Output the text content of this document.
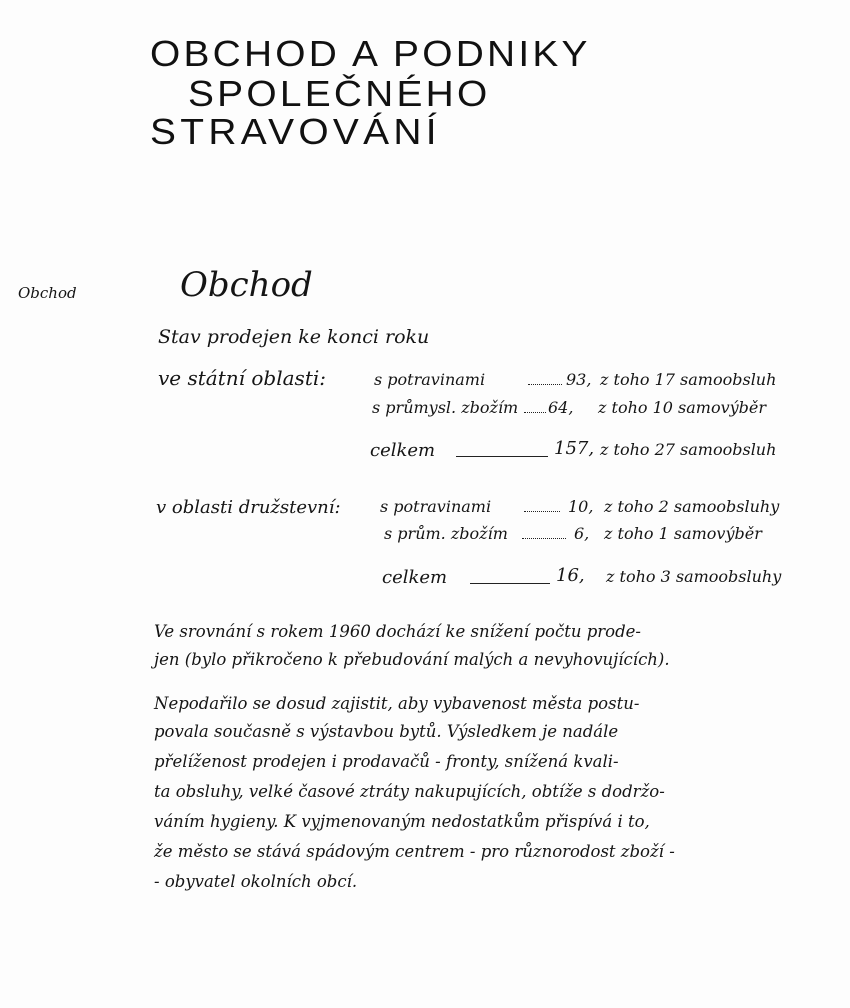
OBCHOD A PODNIKY
SPOLEČNÉHO
STRAVOVÁNÍ
Obchod	Obchod
Stav prodejen ke konci roku
ve státní oblasti:	s potravinami	93, z toho 17 samoobsluh
s průmysl. zbožím 64, z toho 10 samovýběr
celkem	157, z toho 27 samoobsluh
v oblasti družstevní: s potravinami	10, z toho 2 samoobsluhy
s prům. zbožím	6, z toho 1 samovýběr
celkem	16, z toho 3 samoobsluhy

Ve srovnání s rokem 1960 dochází ke snížení počtu prode-

jen (bylo přikročeno k přebudování malých a nevyhovujících).

Nepodařilo se dosud zajistit, aby vybavenost města postu-

povala současně s výstavbou bytů. Výsledkem je nadále

přelíženost prodejen i prodavačů - fronty, snížená kvali-

ta obsluhy, velké časové ztráty nakupujících, obtíže s dodržo-

váním hygieny. K vyjmenovaným nedostatkům přispívá i to,

že město se stává spádovým centrem - pro různorodost zboží -

- obyvatel okolních obcí.
